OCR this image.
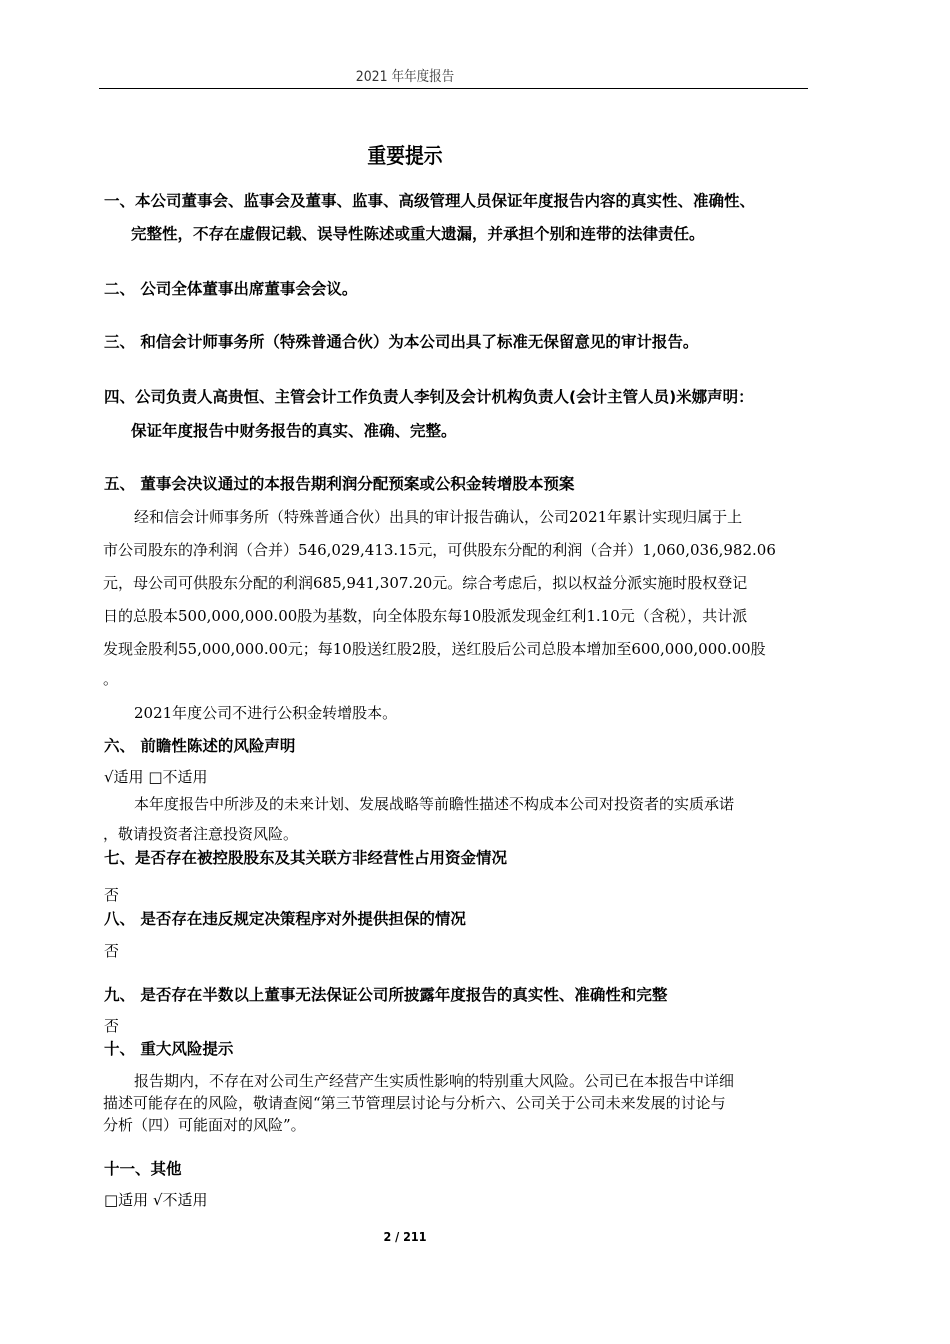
2021 年年度报告
重要提示
一、本公司董事会、监事会及董事、监事、高级管理人员保证年度报告内容的真实性、准确性、
完整性，不存在虚假记载、误导性陈述或重大遗漏，并承担个别和连带的法律责任。
二、 公司全体董事出席董事会会议。
三、 和信会计师事务所（特殊普通合伙）为本公司出具了标准无保留意见的审计报告。
四、公司负责人高贵恒、主管会计工作负责人李钊及会计机构负责人(会计主管人员)米娜声明：
保证年度报告中财务报告的真实、准确、完整。
五、 董事会决议通过的本报告期利润分配预案或公积金转增股本预案
经和信会计师事务所（特殊普通合伙）出具的审计报告确认，公司2021年累计实现归属于上
市公司股东的净利润（合并）546,029,413.15元，可供股东分配的利润（合并）1,060,036,982.06
元，母公司可供股东分配的利润685,941,307.20元。综合考虑后，拟以权益分派实施时股权登记
日的总股本500,000,000.00股为基数，向全体股东每10股派发现金红利1.10元（含税），共计派
发现金股利55,000,000.00元；每10股送红股2股，送红股后公司总股本增加至600,000,000.00股
。
2021年度公司不进行公积金转增股本。
六、 前瞻性陈述的风险声明
√适用 □不适用
本年度报告中所涉及的未来计划、发展战略等前瞻性描述不构成本公司对投资者的实质承诺
，敬请投资者注意投资风险。
七、是否存在被控股股东及其关联方非经营性占用资金情况
否
八、 是否存在违反规定决策程序对外提供担保的情况
否
九、 是否存在半数以上董事无法保证公司所披露年度报告的真实性、准确性和完整
否
十、 重大风险提示
报告期内，不存在对公司生产经营产生实质性影响的特别重大风险。公司已在本报告中详细
描述可能存在的风险，敬请查阅“第三节管理层讨论与分析六、公司关于公司未来发展的讨论与
分析（四）可能面对的风险”。
十一、其他
□适用 √不适用
2 / 211
